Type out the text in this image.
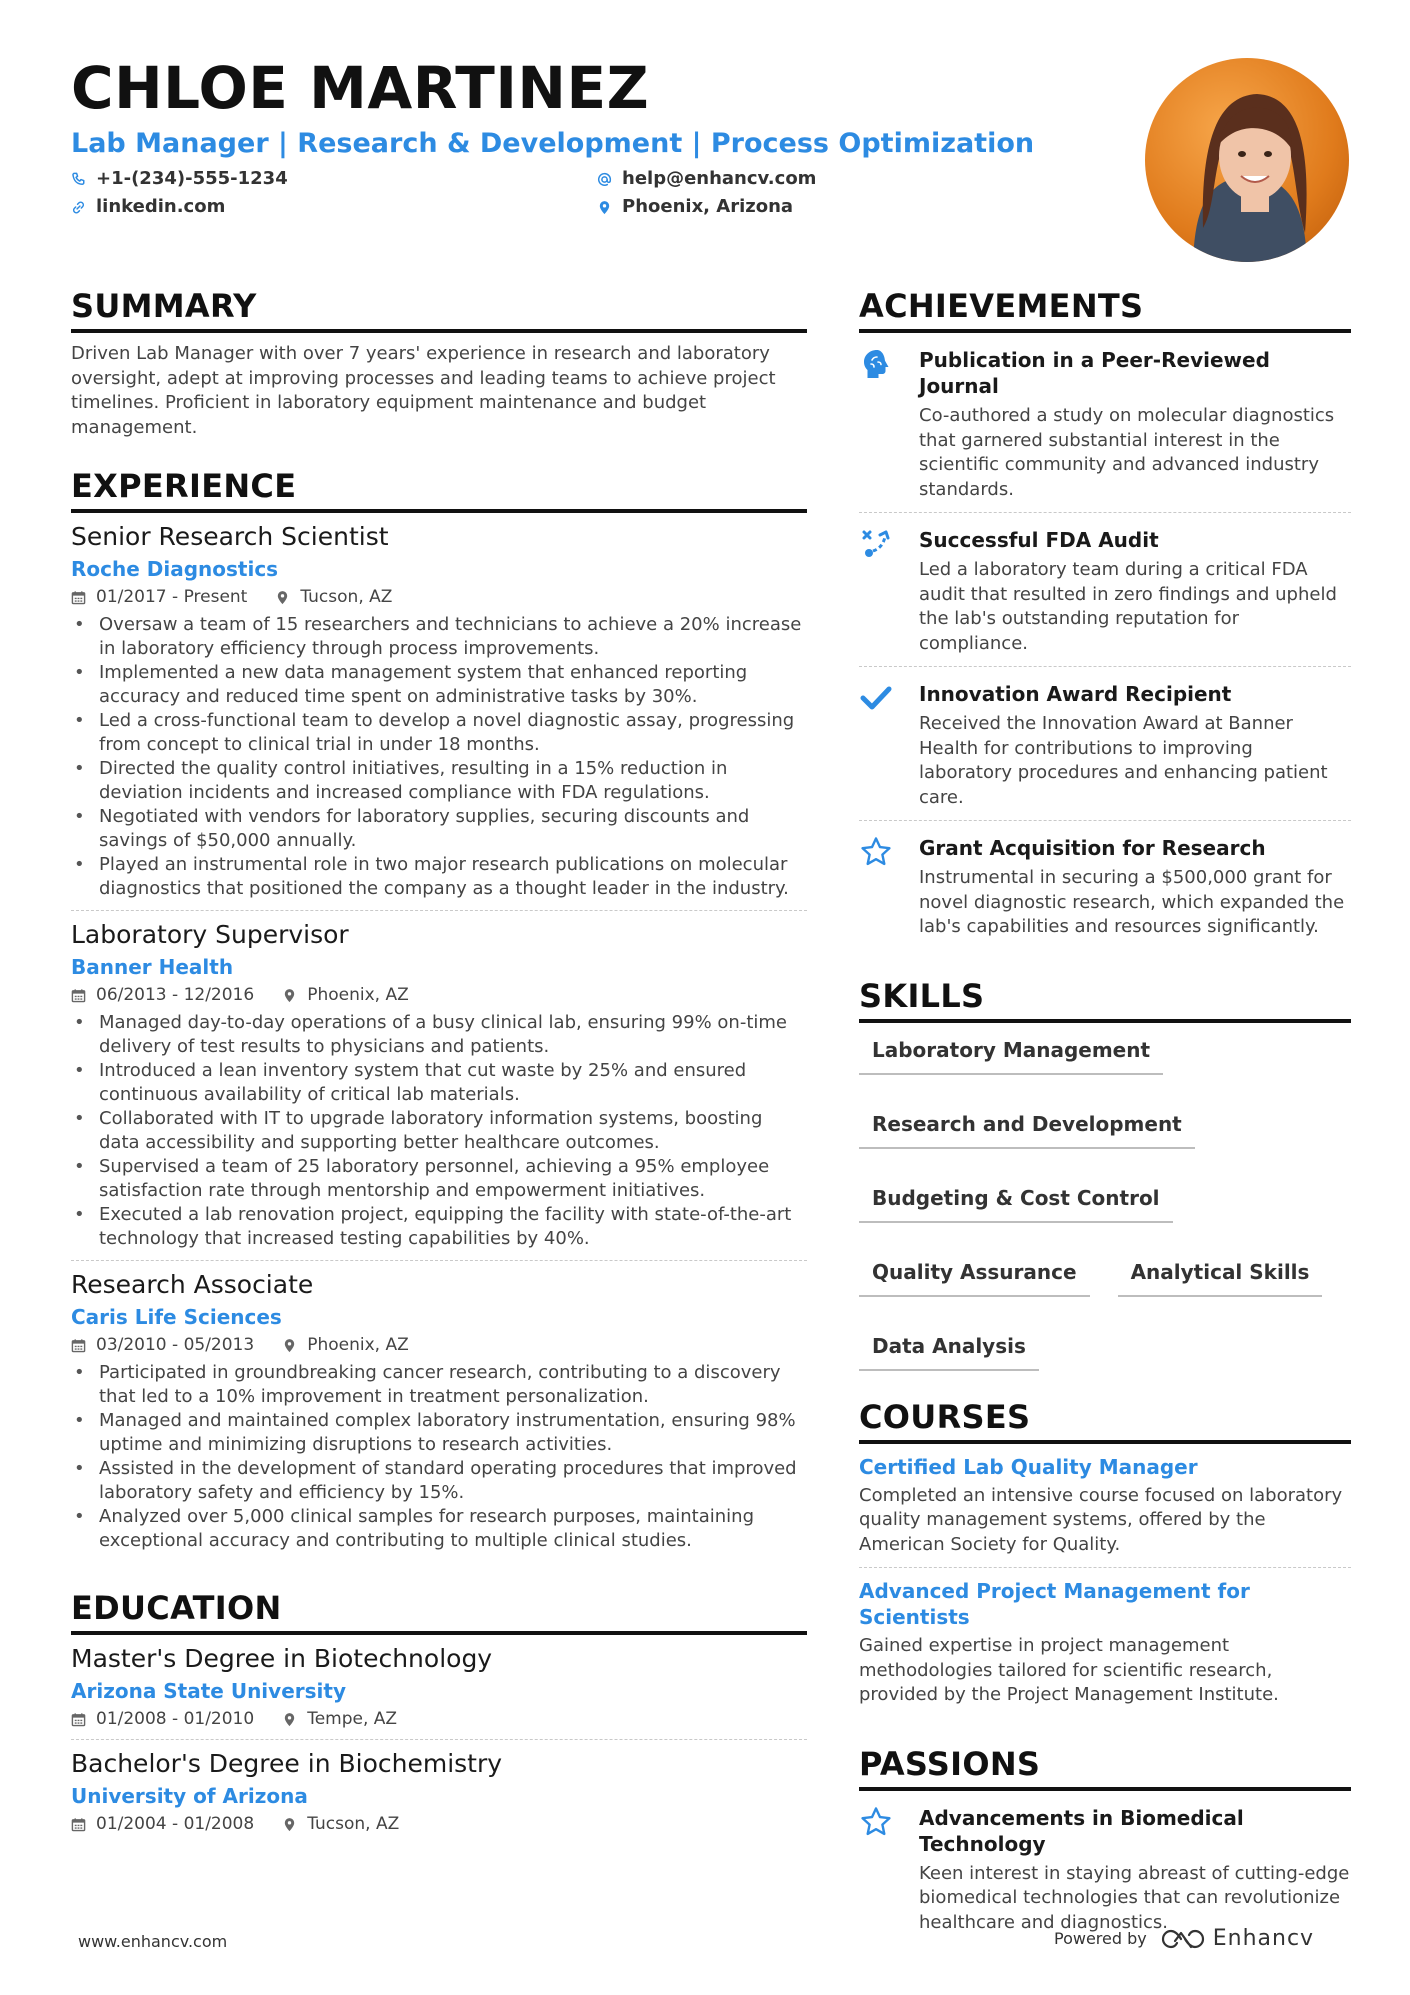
CHLOE MARTINEZ
Lab Manager | Research & Development | Process Optimization
+1-(234)-555-1234	help@enhancv.com
linkedin.com	Phoenix, Arizona
SUMMARY
Driven Lab Manager with over 7 years' experience in research and laboratory oversight, adept at improving processes and leading teams to achieve project timelines. Proficient in laboratory equipment maintenance and budget management.
EXPERIENCE
Senior Research Scientist
Roche Diagnostics
01/2017 - Present	Tucson, AZ
• Oversaw a team of 15 researchers and technicians to achieve a 20% increase in laboratory efficiency through process improvements.
• Implemented a new data management system that enhanced reporting accuracy and reduced time spent on administrative tasks by 30%.
• Led a cross-functional team to develop a novel diagnostic assay, progressing from concept to clinical trial in under 18 months.
• Directed the quality control initiatives, resulting in a 15% reduction in deviation incidents and increased compliance with FDA regulations.
• Negotiated with vendors for laboratory supplies, securing discounts and savings of $50,000 annually.
• Played an instrumental role in two major research publications on molecular diagnostics that positioned the company as a thought leader in the industry.
Laboratory Supervisor
Banner Health
06/2013 - 12/2016	Phoenix, AZ
• Managed day-to-day operations of a busy clinical lab, ensuring 99% on-time delivery of test results to physicians and patients.
• Introduced a lean inventory system that cut waste by 25% and ensured continuous availability of critical lab materials.
• Collaborated with IT to upgrade laboratory information systems, boosting data accessibility and supporting better healthcare outcomes.
• Supervised a team of 25 laboratory personnel, achieving a 95% employee satisfaction rate through mentorship and empowerment initiatives.
• Executed a lab renovation project, equipping the facility with state-of-the-art technology that increased testing capabilities by 40%.
Research Associate
Caris Life Sciences
03/2010 - 05/2013	Phoenix, AZ
• Participated in groundbreaking cancer research, contributing to a discovery that led to a 10% improvement in treatment personalization.
• Managed and maintained complex laboratory instrumentation, ensuring 98% uptime and minimizing disruptions to research activities.
• Assisted in the development of standard operating procedures that improved laboratory safety and efficiency by 15%.
• Analyzed over 5,000 clinical samples for research purposes, maintaining exceptional accuracy and contributing to multiple clinical studies.
EDUCATION
Master's Degree in Biotechnology
Arizona State University
01/2008 - 01/2010	Tempe, AZ
Bachelor's Degree in Biochemistry
University of Arizona
01/2004 - 01/2008	Tucson, AZ
ACHIEVEMENTS
Publication in a Peer-Reviewed Journal
Co-authored a study on molecular diagnostics that garnered substantial interest in the scientific community and advanced industry standards.
Successful FDA Audit
Led a laboratory team during a critical FDA audit that resulted in zero findings and upheld the lab's outstanding reputation for compliance.
Innovation Award Recipient
Received the Innovation Award at Banner Health for contributions to improving laboratory procedures and enhancing patient care.
Grant Acquisition for Research
Instrumental in securing a $500,000 grant for novel diagnostic research, which expanded the lab's capabilities and resources significantly.
SKILLS
Laboratory Management
Research and Development
Budgeting & Cost Control
Quality Assurance	Analytical Skills
Data Analysis
COURSES
Certified Lab Quality Manager
Completed an intensive course focused on laboratory quality management systems, offered by the American Society for Quality.
Advanced Project Management for Scientists
Gained expertise in project management methodologies tailored for scientific research, provided by the Project Management Institute.
PASSIONS
Advancements in Biomedical Technology
Keen interest in staying abreast of cutting-edge biomedical technologies that can revolutionize healthcare and diagnostics.
www.enhancv.com	Powered by	Enhancv
